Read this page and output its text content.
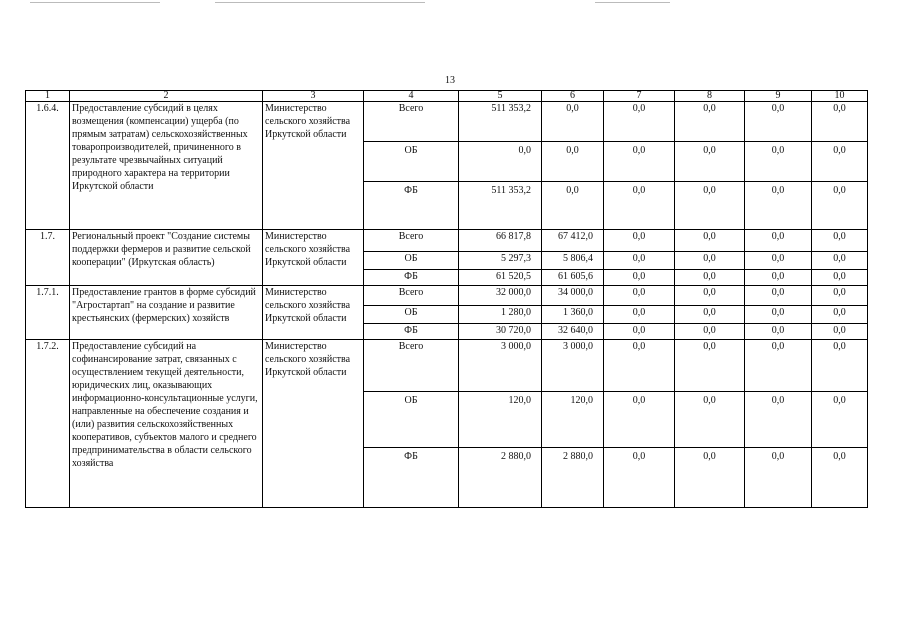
13
1	2	3	4	5	6	7	8	9	10
1.6.4.	Предоставление субсидий в целях возмещения (компенсации) ущерба (по прямым затратам) сельскохозяйственных товаропроизводителей, причиненного в результате чрезвычайных ситуаций природного характера на территории Иркутской области	Министерство сельского хозяйства Иркутской области	Всего	511 353,2	0,0	0,0	0,0	0,0	0,0
			ОБ	0,0	0,0	0,0	0,0	0,0	0,0
			ФБ	511 353,2	0,0	0,0	0,0	0,0	0,0
1.7.	Региональный проект "Создание системы поддержки фермеров и развитие сельской кооперации" (Иркутская область)	Министерство сельского хозяйства Иркутской области	Всего	66 817,8	67 412,0	0,0	0,0	0,0	0,0
			ОБ	5 297,3	5 806,4	0,0	0,0	0,0	0,0
			ФБ	61 520,5	61 605,6	0,0	0,0	0,0	0,0
1.7.1.	Предоставление грантов в форме субсидий "Агростартап" на создание и развитие крестьянских (фермерских) хозяйств	Министерство сельского хозяйства Иркутской области	Всего	32 000,0	34 000,0	0,0	0,0	0,0	0,0
			ОБ	1 280,0	1 360,0	0,0	0,0	0,0	0,0
			ФБ	30 720,0	32 640,0	0,0	0,0	0,0	0,0
1.7.2.	Предоставление субсидий на софинансирование затрат, связанных с осуществлением текущей деятельности, юридических лиц, оказывающих информационно-консультационные услуги, направленные на обеспечение создания и (или) развития сельскохозяйственных кооперативов, субъектов малого и среднего предпринимательства в области сельского хозяйства	Министерство сельского хозяйства Иркутской области	Всего	3 000,0	3 000,0	0,0	0,0	0,0	0,0
			ОБ	120,0	120,0	0,0	0,0	0,0	0,0
			ФБ	2 880,0	2 880,0	0,0	0,0	0,0	0,0
